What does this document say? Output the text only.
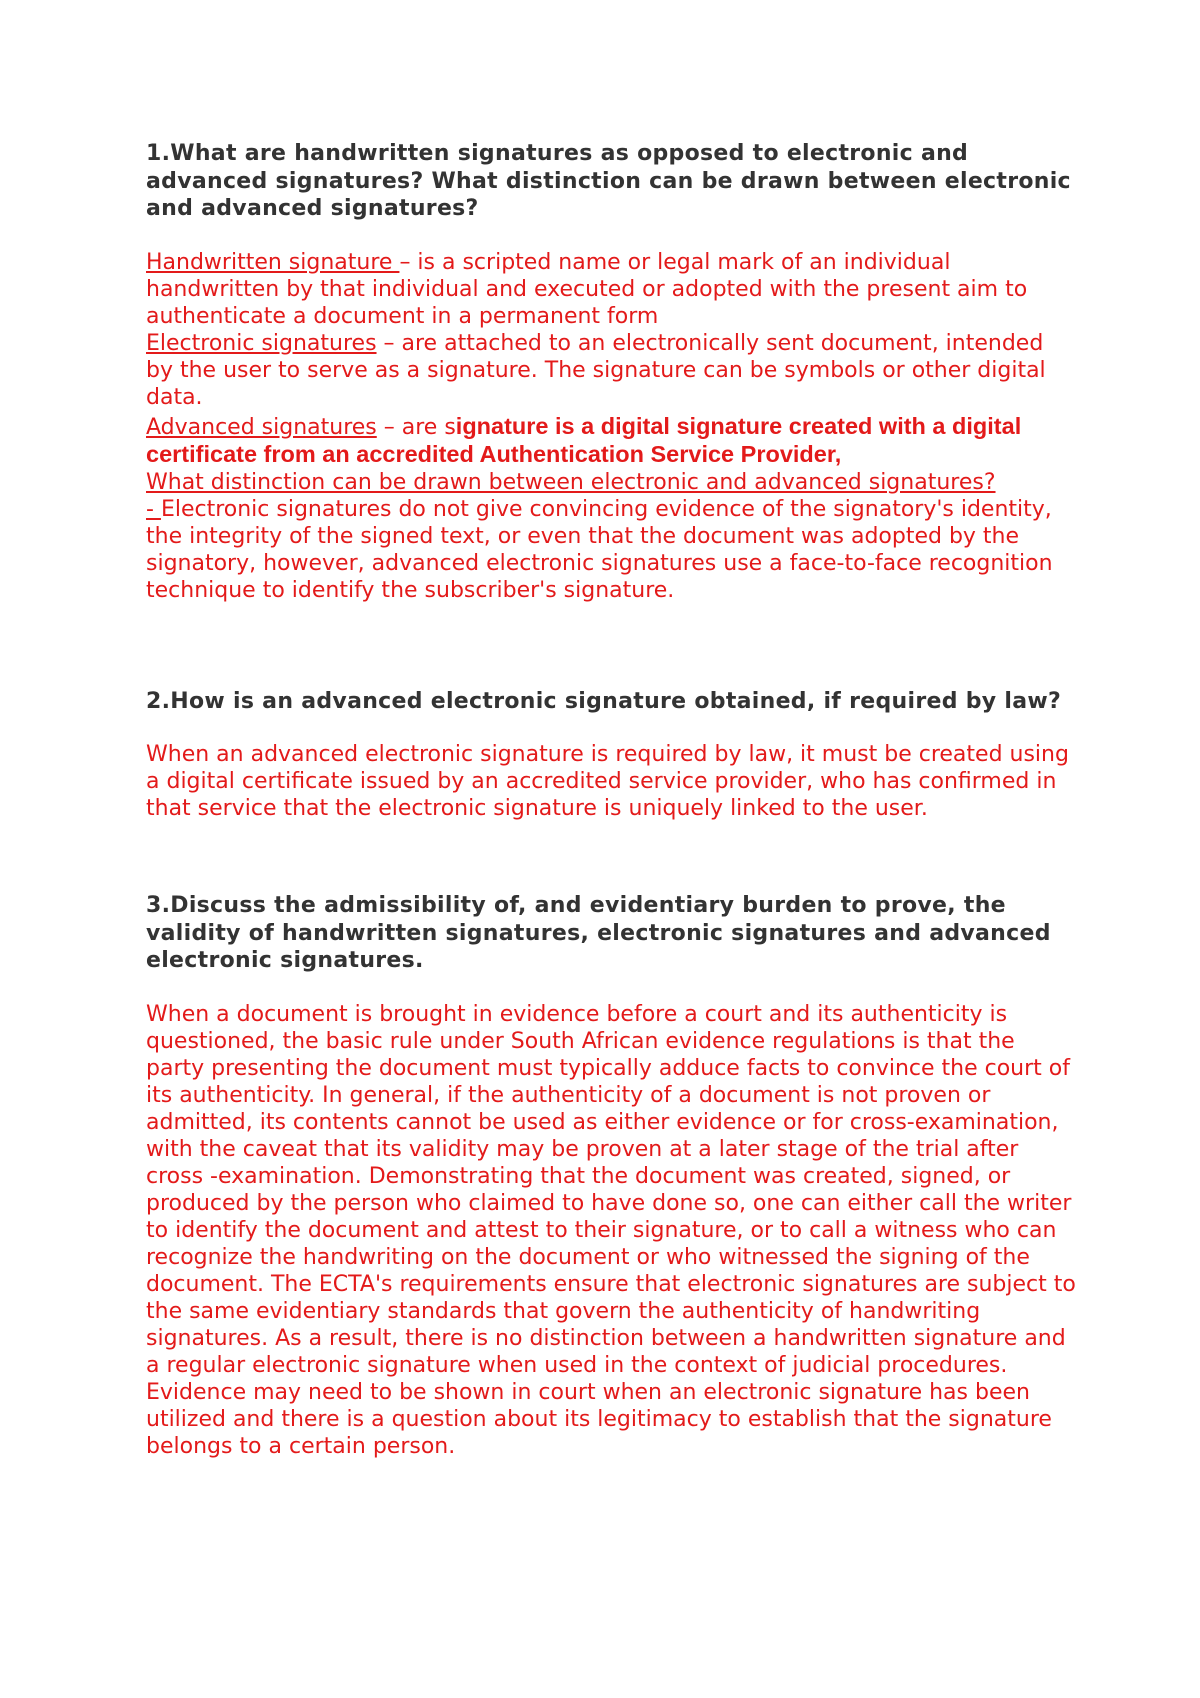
1.What are handwritten signatures as opposed to electronic and advanced signatures? What distinction can be drawn between electronic and advanced signatures?

Handwritten signature – is a scripted name or legal mark of an individual handwritten by that individual and executed or adopted with the present aim to authenticate a document in a permanent form

Electronic signatures – are attached to an electronically sent document, intended by the user to serve as a signature. The signature can be symbols or other digital data.

Advanced signatures – are signature is a digital signature created with a digital certificate from an accredited Authentication Service Provider,

What distinction can be drawn between electronic and advanced signatures?
- Electronic signatures do not give convincing evidence of the signatory's identity, the integrity of the signed text, or even that the document was adopted by the signatory, however, advanced electronic signatures use a face-to-face recognition technique to identify the subscriber's signature.

2.How is an advanced electronic signature obtained, if required by law?

When an advanced electronic signature is required by law, it must be created using a digital certificate issued by an accredited service provider, who has confirmed in that service that the electronic signature is uniquely linked to the user.

3.Discuss the admissibility of, and evidentiary burden to prove, the validity of handwritten signatures, electronic signatures and advanced electronic signatures.

When a document is brought in evidence before a court and its authenticity is questioned, the basic rule under South African evidence regulations is that the party presenting the document must typically adduce facts to convince the court of its authenticity. In general, if the authenticity of a document is not proven or admitted, its contents cannot be used as either evidence or for cross-examination, with the caveat that its validity may be proven at a later stage of the trial after cross -examination. Demonstrating that the document was created, signed, or produced by the person who claimed to have done so, one can either call the writer to identify the document and attest to their signature, or to call a witness who can recognize the handwriting on the document or who witnessed the signing of the document. The ECTA's requirements ensure that electronic signatures are subject to the same evidentiary standards that govern the authenticity of handwriting signatures. As a result, there is no distinction between a handwritten signature and a regular electronic signature when used in the context of judicial procedures. Evidence may need to be shown in court when an electronic signature has been utilized and there is a question about its legitimacy to establish that the signature belongs to a certain person.
